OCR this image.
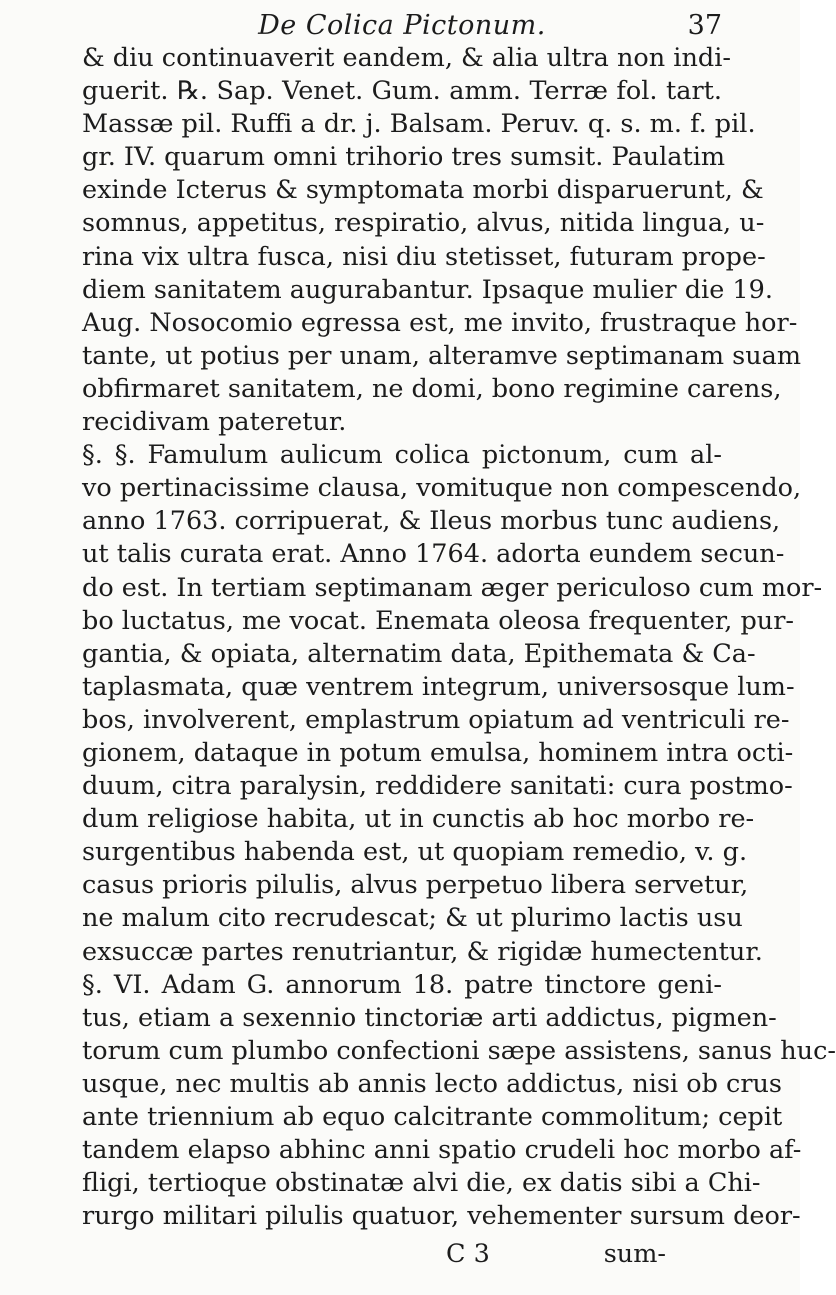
De Colica Pictonum.	37
& diu continuaverit eandem, & alia ultra non indi-
guerit. ℞. Sap. Venet. Gum. amm. Terræ fol. tart.
Massæ pil. Ruffi a dr. j. Balsam. Peruv. q. s. m. f. pil.
gr. IV. quarum omni trihorio tres sumsit. Paulatim
exinde Icterus & symptomata morbi disparuerunt, &
somnus, appetitus, respiratio, alvus, nitida lingua, u-
rina vix ultra fusca, nisi diu stetisset, futuram prope-
diem sanitatem augurabantur. Ipsaque mulier die 19.
Aug. Nosocomio egressa est, me invito, frustraque hor-
tante, ut potius per unam, alteramve septimanam suam
obfirmaret sanitatem, ne domi, bono regimine carens,
recidivam pateretur.
§. §. Famulum aulicum colica pictonum, cum al-
vo pertinacissime clausa, vomituque non compescendo,
anno 1763. corripuerat, & Ileus morbus tunc audiens,
ut talis curata erat. Anno 1764. adorta eundem secun-
do est. In tertiam septimanam æger periculoso cum mor-
bo luctatus, me vocat. Enemata oleosa frequenter, pur-
gantia, & opiata, alternatim data, Epithemata & Ca-
taplasmata, quæ ventrem integrum, universosque lum-
bos, involverent, emplastrum opiatum ad ventriculi re-
gionem, dataque in potum emulsa, hominem intra octi-
duum, citra paralysin, reddidere sanitati: cura postmo-
dum religiose habita, ut in cunctis ab hoc morbo re-
surgentibus habenda est, ut quopiam remedio, v. g.
casus prioris pilulis, alvus perpetuo libera servetur,
ne malum cito recrudescat; & ut plurimo lactis usu
exsuccæ partes renutriantur, & rigidæ humectentur.
§. VI. Adam G. annorum 18. patre tinctore geni-
tus, etiam a sexennio tinctoriæ arti addictus, pigmen-
torum cum plumbo confectioni sæpe assistens, sanus huc-
usque, nec multis ab annis lecto addictus, nisi ob crus
ante triennium ab equo calcitrante commolitum; cepit
tandem elapso abhinc anni spatio crudeli hoc morbo af-
fligi, tertioque obstinatæ alvi die, ex datis sibi a Chi-
rurgo militari pilulis quatuor, vehementer sursum deor-
C 3	sum-
